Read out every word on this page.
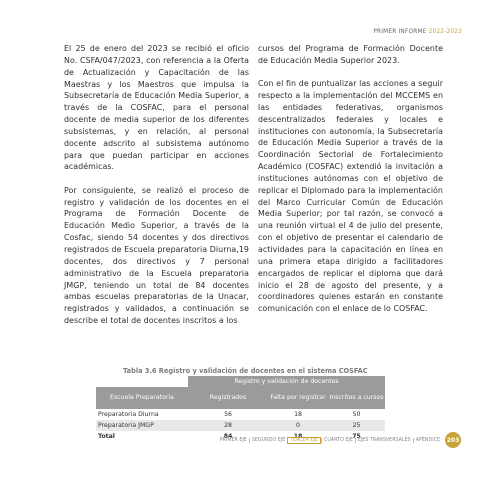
PRIMER INFORME 2022-2023

El 25 de enero del 2023 se recibió el oficio No. CSFA/047/2023, con referencia a la Oferta de Actualización y Capacitación de las Maestras y los Maestros que impulsa la Subsecretaría de Educación Media Superior, a través de la COSFAC, para el personal docente de media superior de los diferentes subsistemas, y en relación, al personal docente adscrito al subsistema autónomo para que puedan participar en acciones académicas.

Por consiguiente, se realizó el proceso de registro y validación de los docentes en el Programa de Formación Docente de Educación Medio Superior, a través de la Cosfac, siendo 54 docentes y dos directivos registrados de Escuela preparatoria Diurna,19 docentes, dos directivos y 7 personal administrativo de la Escuela preparatoria JMGP, teniendo un total de 84 docentes ambas escuelas preparatorias de la Unacar, registrados y validados, a continuación se describe el total de docentes inscritos a los

cursos del Programa de Formación Docente de Educación Media Superior 2023.

Con el fin de puntualizar las acciones a seguir respecto a la implementación del MCCEMS en las entidades federativas, organismos descentralizados federales y locales e instituciones con autonomía, la Subsecretaría de Educación Media Superior a través de la Coordinación Sectorial de Fortalecimiento Académico (COSFAC) extendió la invitación a instituciones autónomas con el objetivo de replicar el Diplomado para la implementación del Marco Curricular Común de Educación Media Superior; por tal razón, se convocó a una reunión virtual el 4 de julio del presente, con el objetivo de presentar el calendario de actividades para la capacitación en línea en una primera etapa dirigido a facilitadores encargados de replicar el diploma que dará inicio el 28 de agosto del presente, y a coordinadores quienes estarán en constante comunicación con el enlace de lo COSFAC.

Tabla 3.6 Registro y validación de docentes en el sistema COSFAC
	Registro y validación de docentes		
Escuela Preparatoria	Registrados	Falta por registrar	Inscritos a cursos
Preparatoria Diurna	56	18	50
Preparatoria JMGP	28	0	25
Total	84	18	75
PRIMER EJE	SEGUNDO EJE	TERCER EJE	CUARTO EJE	EJES TRANSVERSALES	APÉNDICE	203
